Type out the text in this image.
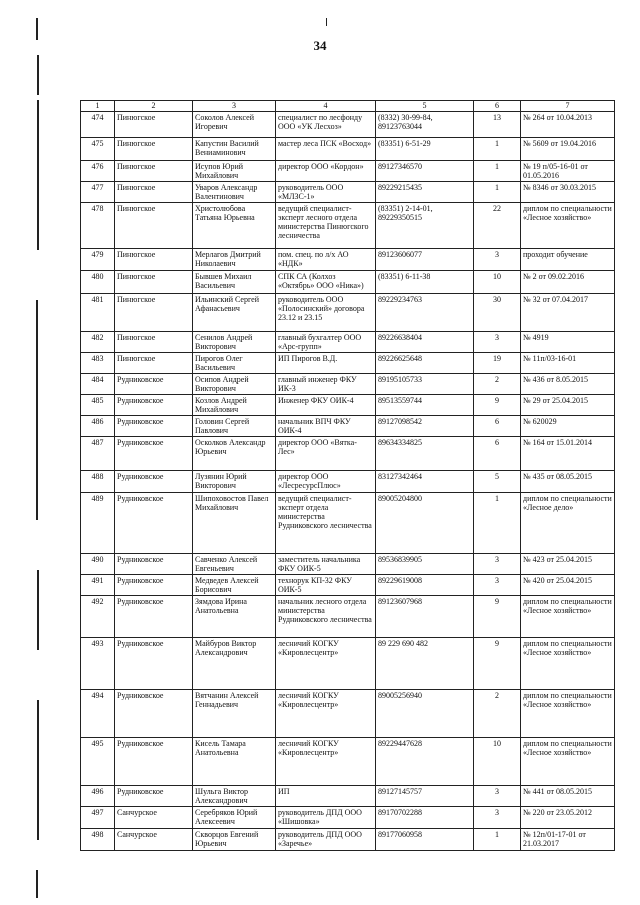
34
1	2	3	4	5	6	7
474	Пинюгское	Соколов Алексей Игоревич	специалист по лесфонду ООО «УК Лесхоз»	(8332) 30-99-84, 89123763044	13	№ 264 от 10.04.2013
475	Пинюгское	Капустин Василий Вениаминович	мастер леса ПСК «Восход»	(83351) 6-51-29	1	№ 5609 от 19.04.2016
476	Пинюгское	Исупов Юрий Михайлович	директор ООО «Кордон»	89127346570	1	№ 19 п/05-16-01 от 01.05.2016
477	Пинюгское	Уваров Александр Валентинович	руководитель ООО «МЛЗС-1»	89229215435	1	№ 8346 от 30.03.2015
478	Пинюгское	Христолюбова Татьяна Юрьевна	ведущий специалист-эксперт лесного отдела министерства Пинюгского лесничества	(83351) 2-14-01, 89229350515	22	диплом по специальности «Лесное хозяйство»
479	Пинюгское	Мерлагов Дмитрий Николаевич	пом. спец. по л/х АО «НДК»	89123606077	3	проходит обучение
480	Пинюгское	Бывшев Михаил Васильевич	СПК СА (Колхоз «Октябрь» ООО «Ника»)	(83351) 6-11-38	10	№ 2 от 09.02.2016
481	Пинюгское	Ильинский Сергей Афанасьевич	руководитель ООО «Полосинский» договора 23.12 и 23.15	89229234763	30	№ 32 от 07.04.2017
482	Пинюгское	Сенилов Андрей Викторович	главный бухгалтер ООО «Арс-групп»	89226638404	3	№ 4919
483	Пинюгское	Пирогов Олег Васильевич	ИП Пирогов В.Д.	89226625648	19	№ 11п/03-16-01
484	Рудниковское	Осипов Андрей Викторович	главный инженер ФКУ ИК-3	89195105733	2	№ 436 от 8.05.2015
485	Рудниковское	Козлов Андрей Михайлович	Инженер ФКУ ОИК-4	89513559744	9	№ 29 от 25.04.2015
486	Рудниковское	Головин Сергей Павлович	начальник ВПЧ ФКУ ОИК-4	89127098542	6	№ 620029
487	Рудниковское	Осколков Александр Юрьевич	директор ООО «Вятка-Лес»	89634334825	6	№ 164 от 15.01.2014
488	Рудниковское	Лузянин Юрий Викторович	директор ООО «ЛесресурсПлюс»	83127342464	5	№ 435 от 08.05.2015
489	Рудниковское	Шипоховостов Павел Михайлович	ведущий специалист-эксперт отдела министерства Рудниковского лесничества	89005204800	1	диплом по специальности «Лесное дело»
490	Рудниковское	Савченко Алексей Евгеньевич	заместитель начальника ФКУ ОИК-5	89536839905	3	№ 423 от 25.04.2015
491	Рудниковское	Медведев Алексей Борисович	технорук КП-32 ФКУ ОИК-5	89229619008	3	№ 420 от 25.04.2015
492	Рудниковское	Зямдова Ирина Анатольевна	начальник лесного отдела министерства Рудниковского лесничества	89123607968	9	диплом по специальности «Лесное хозяйство»
493	Рудниковское	Майбуров Виктор Александрович	лесничий КОГКУ «Кировлесцентр»	89 229 690 482	9	диплом по специальности «Лесное хозяйство»
494	Рудниковское	Вятчанин Алексей Геннадьевич	лесничий КОГКУ «Кировлесцентр»	89005256940	2	диплом по специальности «Лесное хозяйство»
495	Рудниковское	Кисель Тамара Анатольевна	лесничий КОГКУ «Кировлесцентр»	89229447628	10	диплом по специальности «Лесное хозяйство»
496	Рудниковское	Шульга Виктор Александрович	ИП	89127145757	3	№ 441 от 08.05.2015
497	Санчурское	Серебряков Юрий Алексеевич	руководитель ДПД ООО «Шишовка»	89170702288	3	№ 220 от 23.05.2012
498	Санчурское	Скворцов Евгений Юрьевич	руководитель ДПД ООО «Заречье»	89177060958	1	№ 12п/01-17-01 от 21.03.2017
